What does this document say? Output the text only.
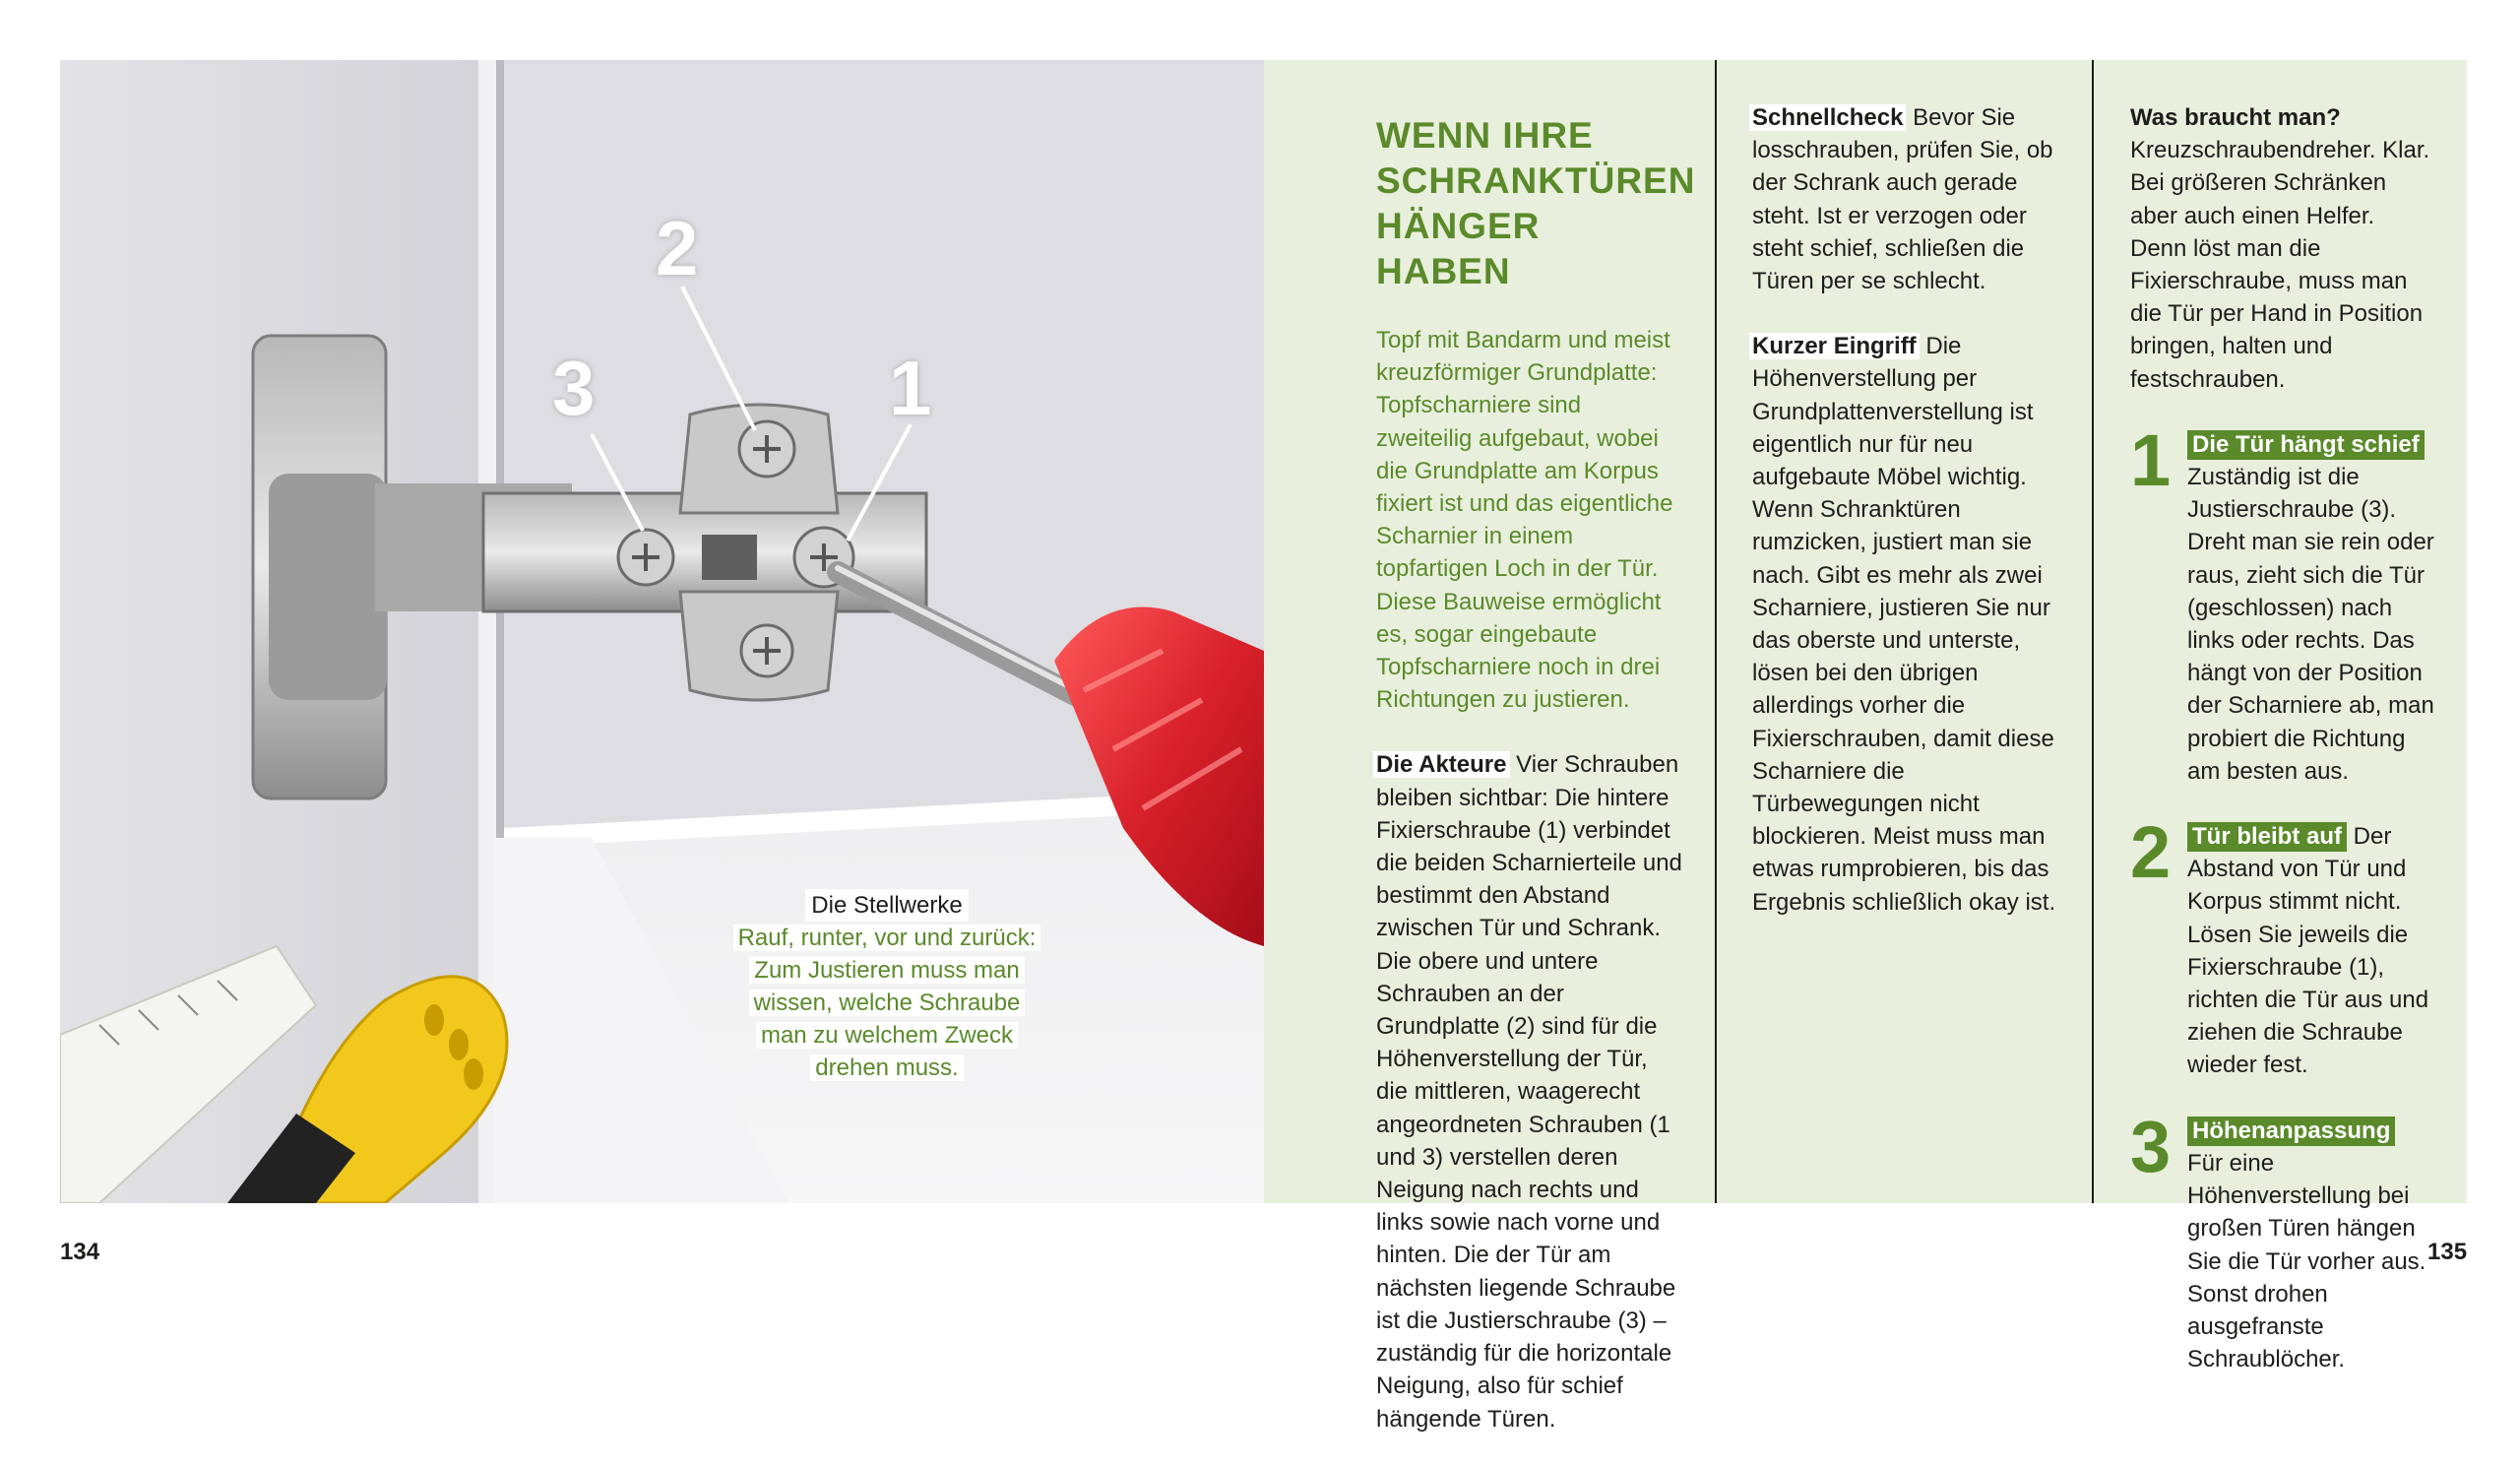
2
3	1
Die Stellwerke
Rauf, runter, vor und zurück:
Zum Justieren muss man
wissen, welche Schraube
man zu welchem Zweck
drehen muss.
WENN IHRE
SCHRANKTÜREN
HÄNGER HABEN

Topf mit Bandarm und meist kreuzförmiger Grundplatte: Topfscharniere sind zweiteilig aufgebaut, wobei die Grundplatte am Korpus fixiert ist und das eigentliche Scharnier in einem topfartigen Loch in der Tür. Diese Bauweise ermöglicht es, sogar eingebaute Topfscharniere noch in drei Richtungen zu justieren.

Die Akteure Vier Schrauben bleiben sichtbar: Die hintere Fixierschraube (1) verbindet die beiden Scharnierteile und bestimmt den Abstand zwischen Tür und Schrank. Die obere und untere Schrauben an der Grundplatte (2) sind für die Höhenverstellung der Tür, die mittleren, waagerecht angeordneten Schrauben (1 und 3) verstellen deren Neigung nach rechts und links sowie nach vorne und hinten. Die der Tür am nächsten liegende Schraube ist die Justierschraube (3) – zuständig für die horizontale Neigung, also für schief hängende Türen.

Schnellcheck Bevor Sie losschrauben, prüfen Sie, ob der Schrank auch gerade steht. Ist er verzogen oder steht schief, schließen die Türen per se schlecht.

Kurzer Eingriff Die Höhenverstellung per Grundplattenverstellung ist eigentlich nur für neu aufgebaute Möbel wichtig. Wenn Schranktüren rumzicken, justiert man sie nach. Gibt es mehr als zwei Scharniere, justieren Sie nur das oberste und unterste, lösen bei den übrigen allerdings vorher die Fixierschrauben, damit diese Scharniere die Türbewegungen nicht blockieren. Meist muss man etwas rumprobieren, bis das Ergebnis schließlich okay ist.

Was braucht man? Kreuzschraubendreher. Klar. Bei größeren Schränken aber auch einen Helfer. Denn löst man die Fixierschraube, muss man die Tür per Hand in Position bringen, halten und festschrauben.

1 Die Tür hängt schief Zuständig ist die Justierschraube (3). Dreht man sie rein oder raus, zieht sich die Tür (geschlossen) nach links oder rechts. Das hängt von der Position der Scharniere ab, man probiert die Richtung am besten aus.
2 Tür bleibt auf Der Abstand von Tür und Korpus stimmt nicht. Lösen Sie jeweils die Fixierschraube (1), richten die Tür aus und ziehen die Schraube wieder fest.
3 Höhenanpassung Für eine Höhenverstellung bei großen Türen hängen Sie die Tür vorher aus. Sonst drohen ausgefranste Schraublöcher.
134	135
